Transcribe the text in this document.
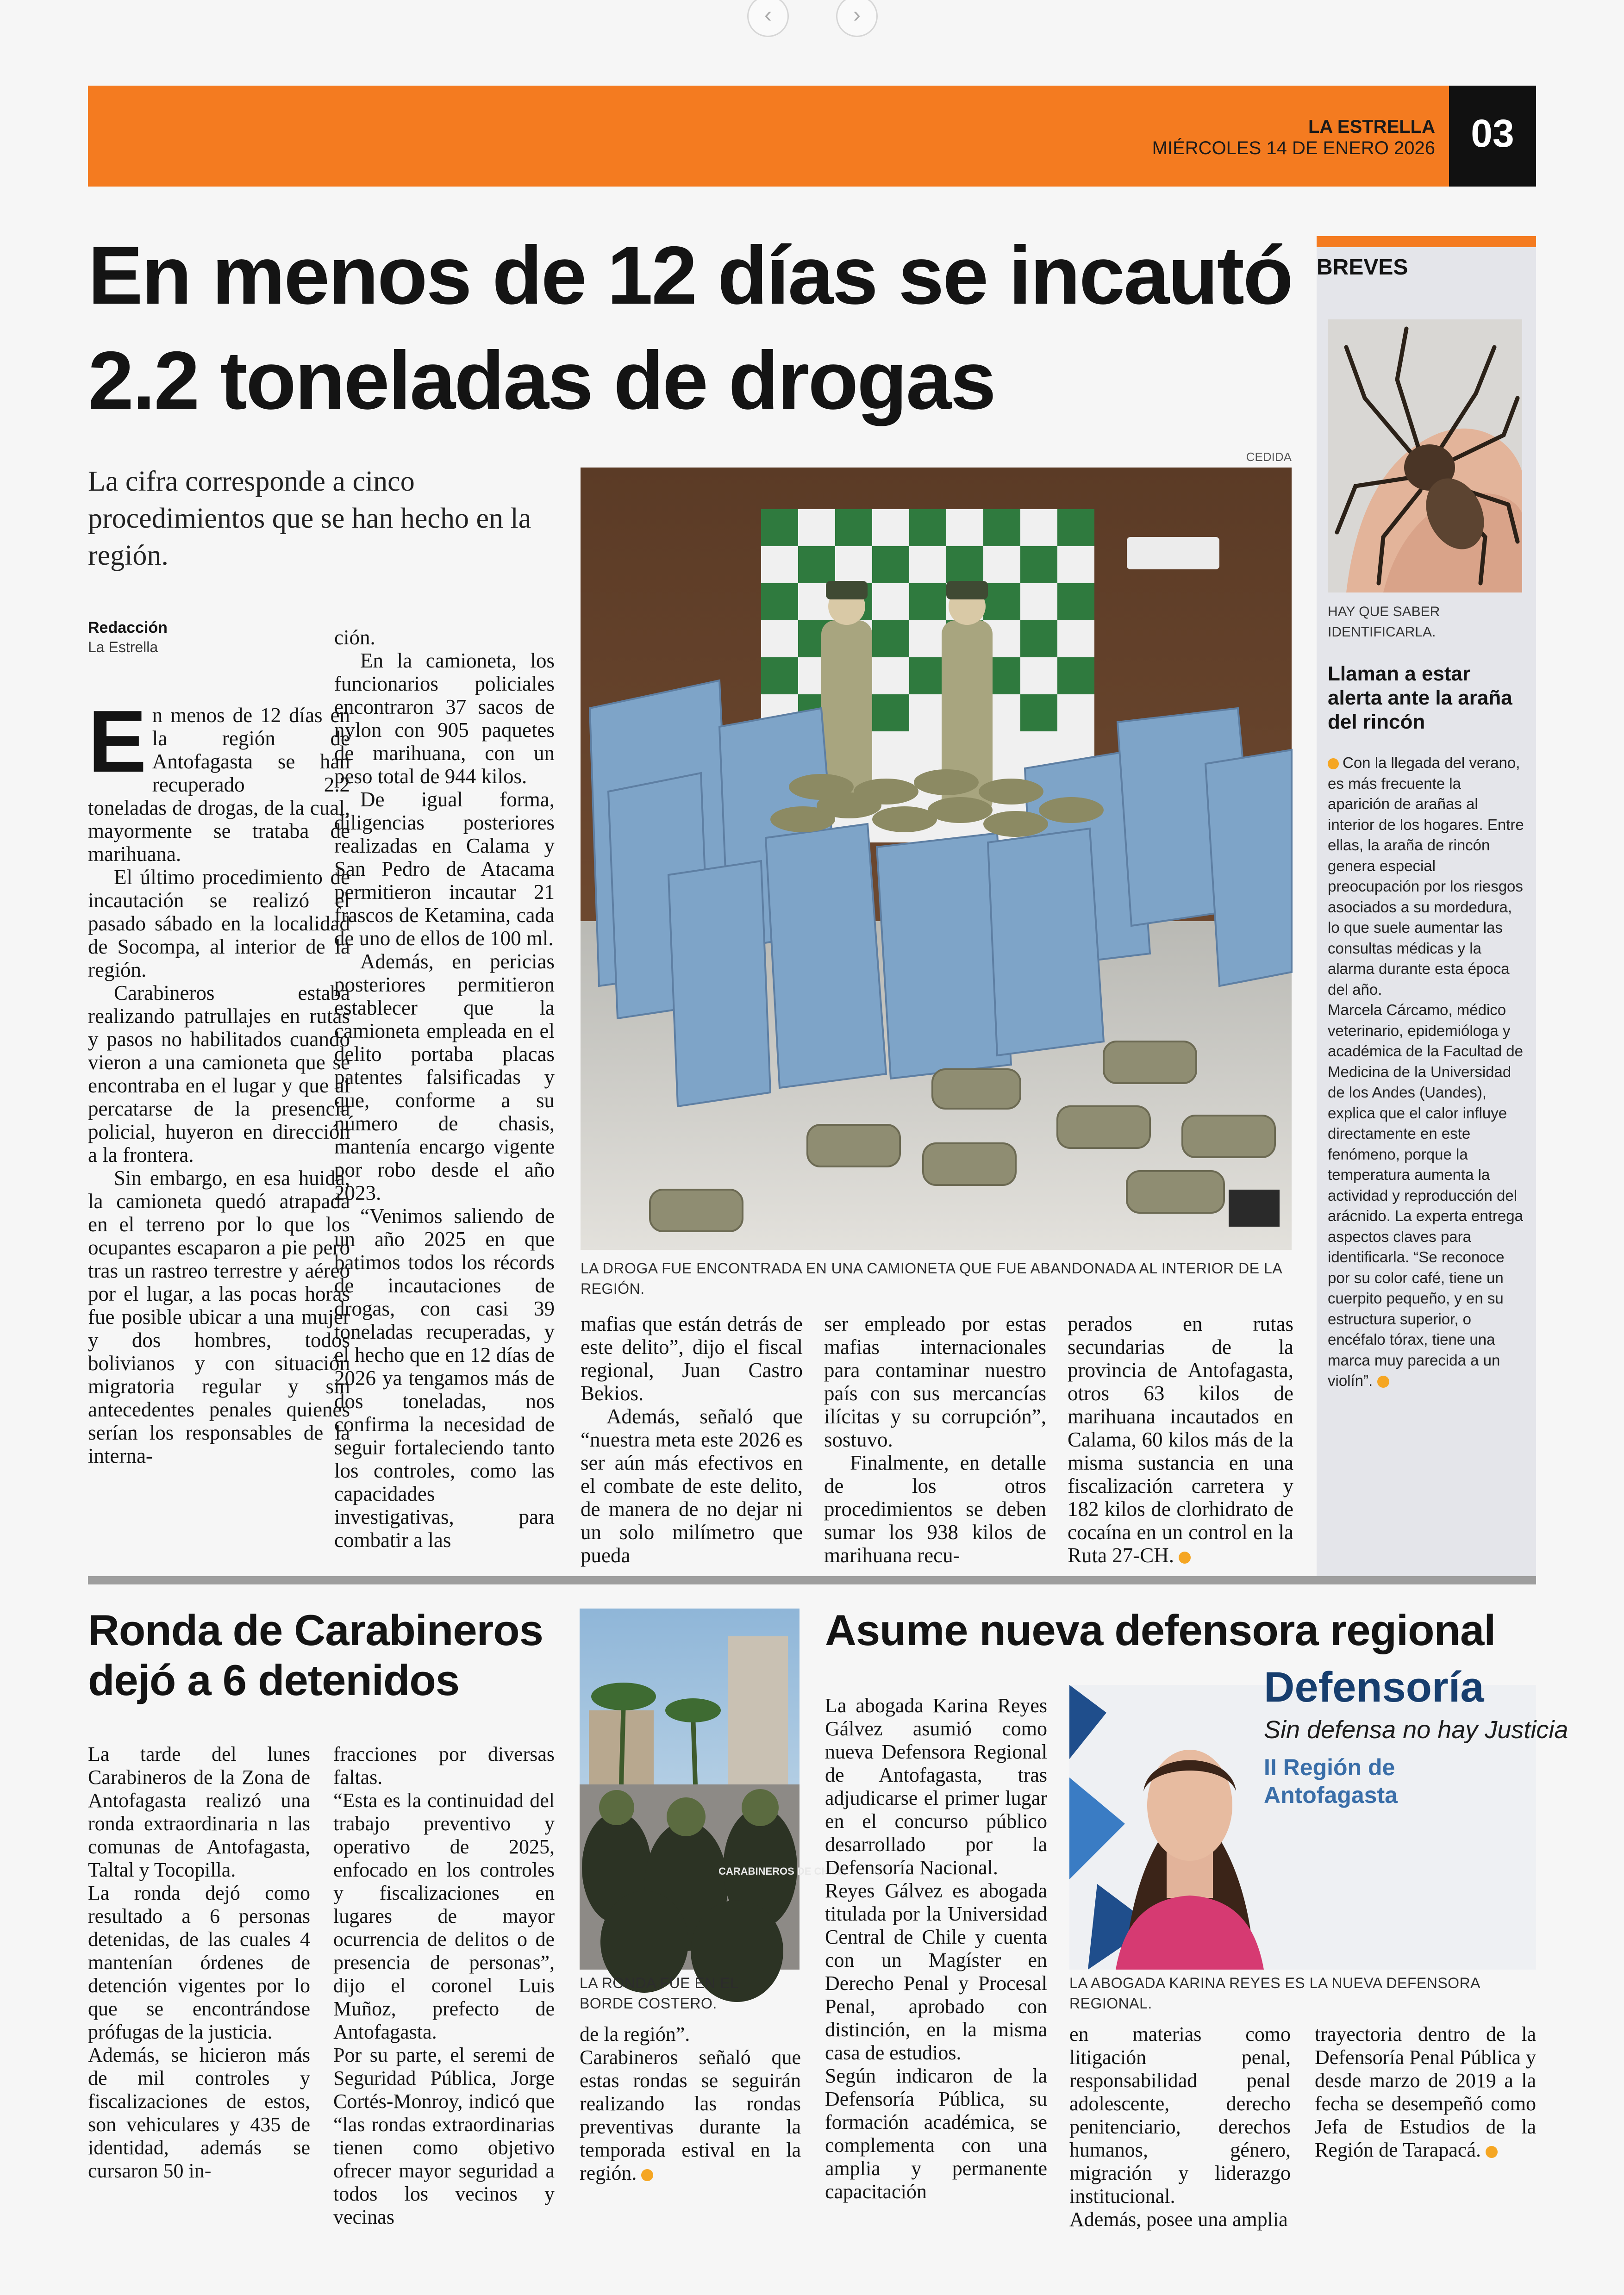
‹	›
LA ESTRELLA
MIÉRCOLES 14 DE ENERO 2026 03
En menos de 12 días se incautó
2.2 toneladas de drogas
La cifra corresponde a cinco procedimientos que se han hecho en la región.
Redacción
La Estrella
CEDIDA
LA DROGA FUE ENCONTRADA EN UNA CAMIONETA QUE FUE ABANDONADA AL INTERIOR DE LA REGIÓN.

En menos de 12 días en la región de Antofagasta se han recuperado 2.2 toneladas de drogas, de la cual, mayormente se trataba de marihuana.

El último procedimiento de incautación se realizó el pasado sábado en la localidad de Socompa, al interior de la región.

Carabineros estaba realizando patrullajes en rutas y pasos no habilitados cuando vieron a una camioneta que se encontraba en el lugar y que al percatarse de la presencia policial, huyeron en dirección a la frontera.

Sin embargo, en esa huida, la camioneta quedó atrapada en el terreno por lo que los ocupantes escaparon a pie pero tras un rastreo terrestre y aéreo por el lugar, a las pocas horas fue posible ubicar a una mujer y dos hombres, todos bolivianos y con situación migratoria regular y sin antecedentes penales quienes serían los responsables de la interna-

ción.

En la camioneta, los funcionarios policiales encontraron 37 sacos de nylon con 905 paquetes de marihuana, con un peso total de 944 kilos.

De igual forma, diligencias posteriores realizadas en Calama y San Pedro de Atacama permitieron incautar 21 frascos de Ketamina, cada de uno de ellos de 100 ml.

Además, en pericias posteriores permitieron establecer que la camioneta empleada en el delito portaba placas patentes falsificadas y que, conforme a su número de chasis, mantenía encargo vigente por robo desde el año 2023.

“Venimos saliendo de un año 2025 en que batimos todos los récords de incautaciones de drogas, con casi 39 toneladas recuperadas, y el hecho que en 12 días de 2026 ya tengamos más de dos toneladas, nos confirma la necesidad de seguir fortaleciendo tanto los controles, como las capacidades investigativas, para combatir a las

mafias que están detrás de este delito”, dijo el fiscal regional, Juan Castro Bekios.

Además, señaló que “nuestra meta este 2026 es ser aún más efectivos en el combate de este delito, de manera de no dejar ni un solo milímetro que pueda

ser empleado por estas mafias internacionales para contaminar nuestro país con sus mercancías ilícitas y su corrupción”, sostuvo.

Finalmente, en detalle de los otros procedimientos se deben sumar los 938 kilos de marihuana recu-

perados en rutas secundarias de la provincia de Antofagasta, otros 63 kilos de marihuana incautados en Calama, 60 kilos más de la misma sustancia en una fiscalización carretera y 182 kilos de clorhidrato de cocaína en un control en la Ruta 27-CH.

BREVES
HAY QUE SABER IDENTIFICARLA.
Llaman a estar alerta ante la araña del rincón
Con la llegada del verano, es más frecuente la aparición de arañas al interior de los hogares. Entre ellas, la araña de rincón genera especial preocupación por los riesgos asociados a su mordedura, lo que suele aumentar las consultas médicas y la alarma durante esta época del año.
Marcela Cárcamo, médico veterinario, epidemióloga y académica de la Facultad de Medicina de la Universidad de los Andes (Uandes), explica que el calor influye directamente en este fenómeno, porque la temperatura aumenta la actividad y reproducción del arácnido. La experta entrega aspectos claves para identificarla. “Se reconoce por su color café, tiene un cuerpito pequeño, y en su estructura superior, o encéfalo tórax, tiene una marca muy parecida a un violín”.
Ronda de Carabineros
dejó a 6 detenidos

La tarde del lunes Carabineros de la Zona de Antofagasta realizó una ronda extraordinaria n las comunas de Antofagasta, Taltal y Tocopilla.

La ronda dejó como resultado a 6 personas detenidas, de las cuales 4 mantenían órdenes de detención vigentes por lo que se encontrándose prófugas de la justicia.

Además, se hicieron más de mil controles y fiscalizaciones de estos, son vehiculares y 435 de identidad, además se cursaron 50 in-

fracciones por diversas faltas.

“Esta es la continuidad del trabajo preventivo y operativo de 2025, enfocado en los controles y fiscalizaciones en lugares de mayor ocurrencia de delitos o de presencia de personas”, dijo el coronel Luis Muñoz, prefecto de Antofagasta.

Por su parte, el seremi de Seguridad Pública, Jorge Cortés-Monroy, indicó que “las rondas extraordinarias tienen como objetivo ofrecer mayor seguridad a todos los vecinos y vecinas

CARABINEROS DE CHILE
LA RONDA FUE EN EL BORDE COSTERO.

de la región”.

Carabineros señaló que estas rondas se seguirán realizando las rondas preventivas durante la temporada estival en la región.

Asume nueva defensora regional

La abogada Karina Reyes Gálvez asumió como nueva Defensora Regional de Antofagasta, tras adjudicarse el primer lugar en el concurso público desarrollado por la Defensoría Nacional.

Reyes Gálvez es abogada titulada por la Universidad Central de Chile y cuenta con un Magíster en Derecho Penal y Procesal Penal, aprobado con distinción, en la misma casa de estudios.

Según indicaron de la Defensoría Pública, su formación académica, se complementa con una amplia y permanente capacitación

Defensoría
Sin defensa no hay Justicia
II Región de
Antofagasta
LA ABOGADA KARINA REYES ES LA NUEVA DEFENSORA REGIONAL.

en materias como litigación penal, responsabilidad penal adolescente, derecho penitenciario, derechos humanos, género, migración y liderazgo institucional.

Además, posee una amplia

trayectoria dentro de la Defensoría Penal Pública y desde marzo de 2019 a la fecha se desempeñó como Jefa de Estudios de la Región de Tarapacá.
